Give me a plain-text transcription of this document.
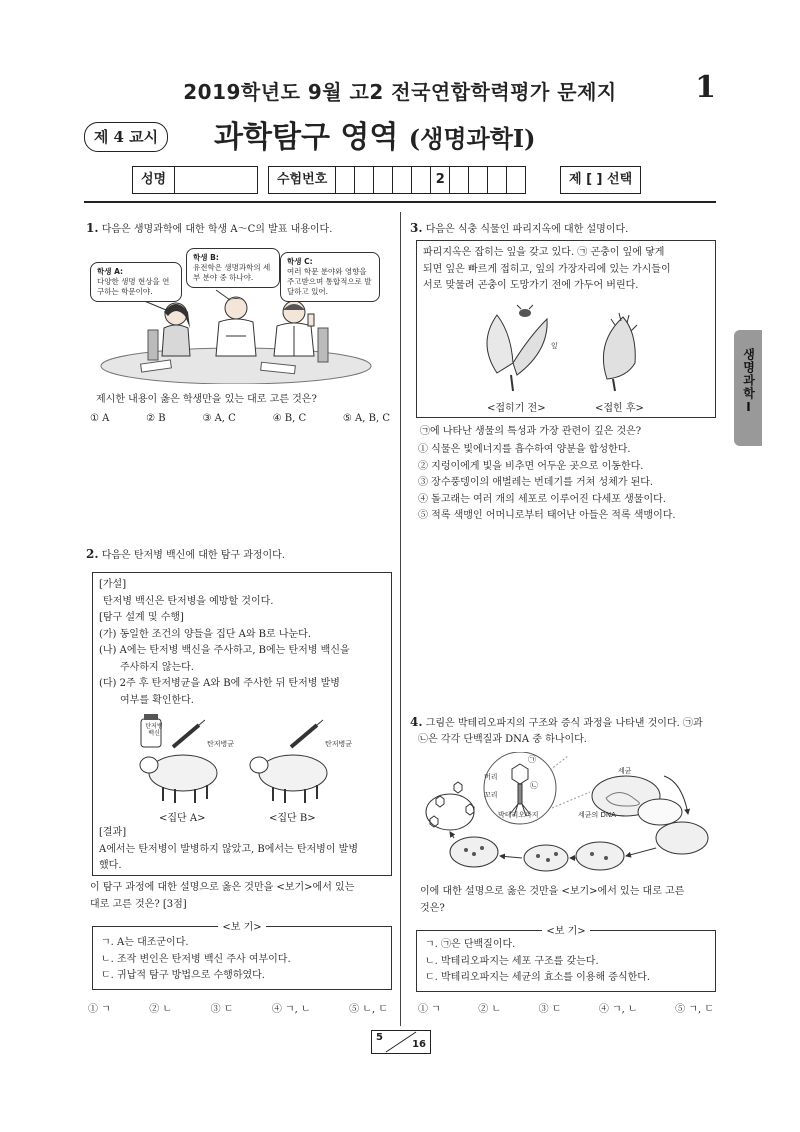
2019학년도 9월 고2 전국연합학력평가 문제지	1
제 4 교시	과학탐구 영역 (생명과학Ⅰ)
성명	수험번호	2	제 [ ] 선택
생명과학Ⅰ
1. 다음은 생명과학에 대한 학생 A～C의 발표 내용이다.
학생 A:
다양한 생명 현상을 연구하는 학문이야.
학생 B:
유전학은 생명과학의 세부 분야 중 하나야.
학생 C:
여러 학문 분야와 영향을 주고받으며 통합적으로 발달하고 있어.
제시한 내용이 옳은 학생만을 있는 대로 고른 것은?
① A	② B	③ A, C	④ B, C	⑤ A, B, C
2. 다음은 탄저병 백신에 대한 탐구 과정이다.
[가설]
탄저병 백신은 탄저병을 예방할 것이다.
[탐구 설계 및 수행]
(가) 동일한 조건의 양들을 집단 A와 B로 나눈다.
(나) A에는 탄저병 백신을 주사하고, B에는 탄저병 백신을
주사하지 않는다.
(다) 2주 후 탄저병균을 A와 B에 주사한 뒤 탄저병 발병
여부를 확인한다.
탄저병 백신
탄저병균	탄저병균
<집단 A>	<집단 B>
[결과]
A에서는 탄저병이 발병하지 않았고, B에서는 탄저병이 발병
했다.
이 탐구 과정에 대한 설명으로 옳은 것만을 <보기>에서 있는
대로 고른 것은? [3점]
<보 기>
ㄱ. A는 대조군이다.
ㄴ. 조작 변인은 탄저병 백신 주사 여부이다.
ㄷ. 귀납적 탐구 방법으로 수행하였다.
① ㄱ	② ㄴ	③ ㄷ	④ ㄱ, ㄴ	⑤ ㄴ, ㄷ
3. 다음은 식충 식물인 파리지옥에 대한 설명이다.
파리지옥은 잡히는 잎을 갖고 있다. ㉠ 곤충이 잎에 닿게
되면 잎은 빠르게 접히고, 잎의 가장자리에 있는 가시들이
서로 맞물려 곤충이 도망가기 전에 가두어 버린다.
잎
<접히기 전>	<접힌 후>
㉠에 나타난 생물의 특성과 가장 관련이 깊은 것은?
① 식물은 빛에너지를 흡수하여 양분을 합성한다.
② 지렁이에게 빛을 비추면 어두운 곳으로 이동한다.
③ 장수풍뎅이의 애벌레는 번데기를 거쳐 성체가 된다.
④ 돌고래는 여러 개의 세포로 이루어진 다세포 생물이다.
⑤ 적록 색맹인 어머니로부터 태어난 아들은 적록 색맹이다.
4. 그림은 박테리오파지의 구조와 증식 과정을 나타낸 것이다. ㉠과
㉡은 각각 단백질과 DNA 중 하나이다.
머리
꼬리
박테리오파지
㉠
㉡
세균
세균의 DNA
이에 대한 설명으로 옳은 것만을 <보기>에서 있는 대로 고른
것은?
<보 기>
ㄱ. ㉠은 단백질이다.
ㄴ. 박테리오파지는 세포 구조를 갖는다.
ㄷ. 박테리오파지는 세균의 효소를 이용해 증식한다.
① ㄱ	② ㄴ	③ ㄷ	④ ㄱ, ㄴ	⑤ ㄱ, ㄷ
5
16
